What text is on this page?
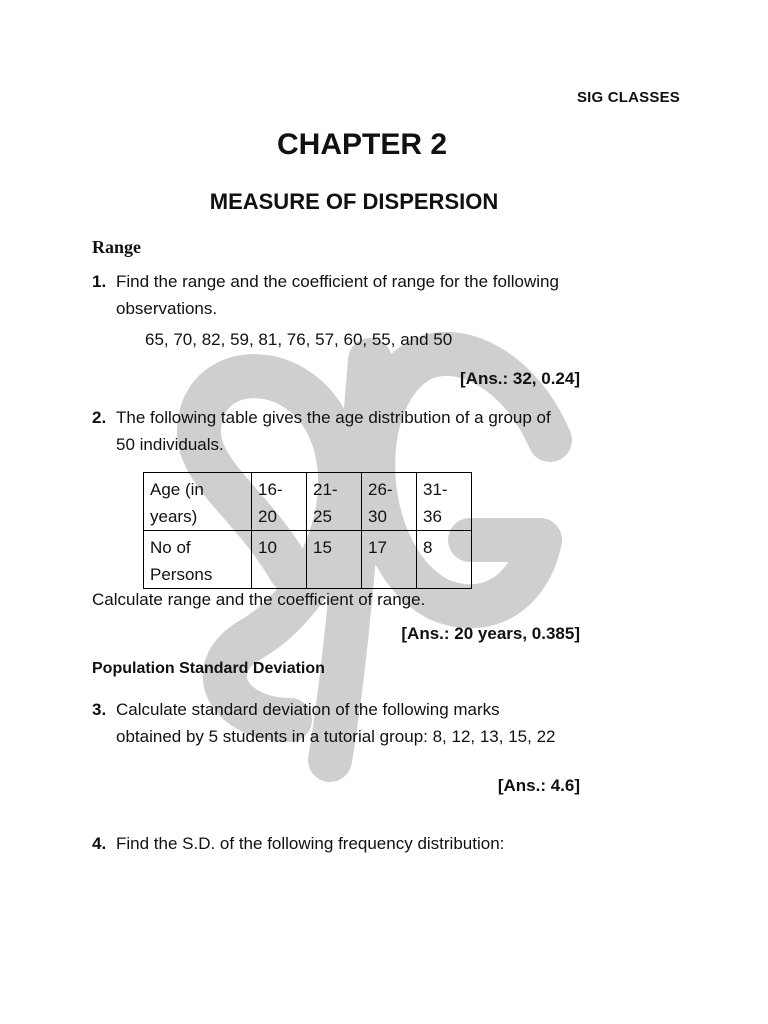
SIG CLASSES
CHAPTER 2
MEASURE OF DISPERSION
Range
1. Find the range and the coefficient of range for the following observations.
65, 70, 82, 59, 81, 76, 57, 60, 55, and 50
[Ans.: 32, 0.24]
2. The following table gives the age distribution of a group of 50 individuals.
Age (in years)	16-20	21-25	26-30	31-36
No of Persons	10	15	17	8
Calculate range and the coefficient of range.
[Ans.: 20 years, 0.385]
Population Standard Deviation
3. Calculate standard deviation of the following marks obtained by 5 students in a tutorial group: 8, 12, 13, 15, 22
[Ans.: 4.6]
4. Find the S.D. of the following frequency distribution:
